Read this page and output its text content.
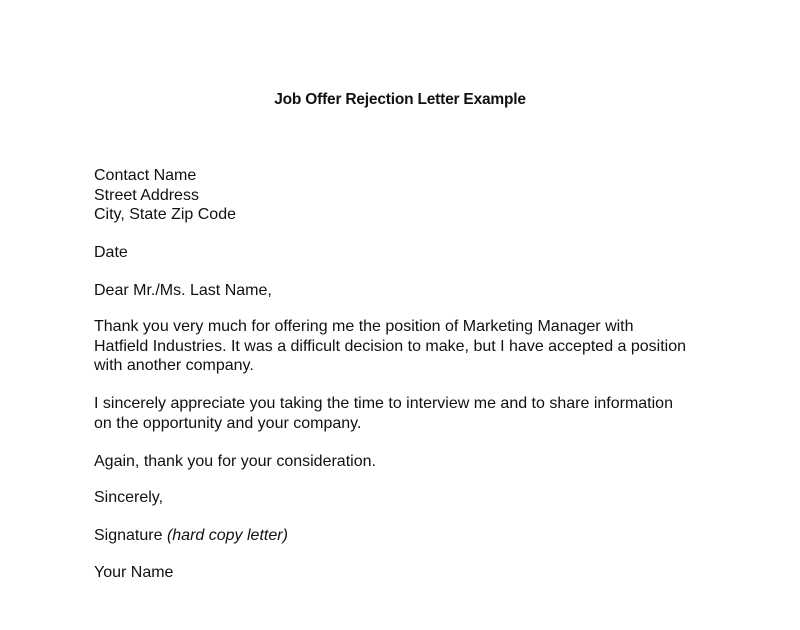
Job Offer Rejection Letter Example
Contact Name
Street Address
City, State Zip Code
Date
Dear Mr./Ms. Last Name,
Thank you very much for offering me the position of Marketing Manager with
Hatfield Industries. It was a difficult decision to make, but I have accepted a position
with another company.
I sincerely appreciate you taking the time to interview me and to share information
on the opportunity and your company.
Again, thank you for your consideration.
Sincerely,
Signature (hard copy letter)
Your Name
